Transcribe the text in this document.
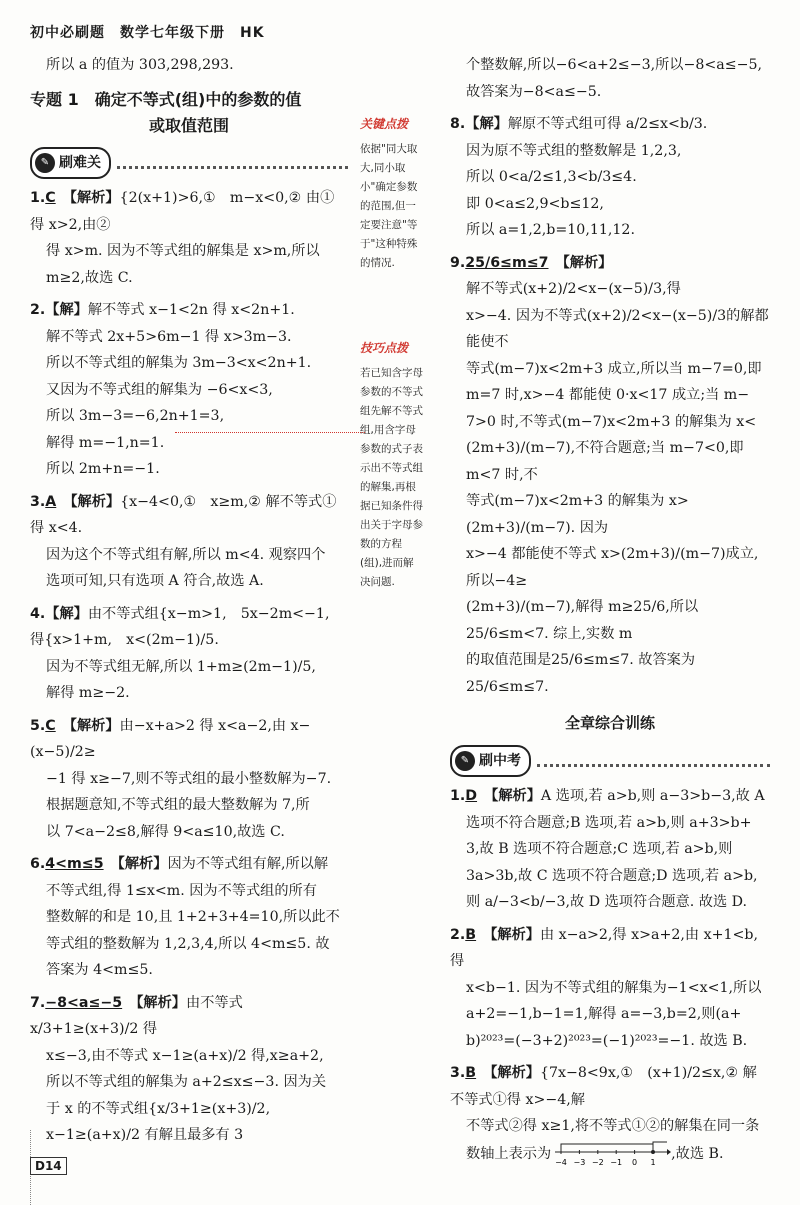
初中必刷题　数学七年级下册　HK
所以 a 的值为 303,298,293.
专题 1　确定不等式(组)中的参数的值
或取值范围
✎ 刷难关
1.C　 【解析】{2(x+1)>6,①　m−x<0,② 由①得 x>2,由②
得 x>m. 因为不等式组的解集是 x>m,所以
m≥2,故选 C.
2.【解】解不等式 x−1<2n 得 x<2n+1.
解不等式 2x+5>6m−1 得 x>3m−3.
所以不等式组的解集为 3m−3<x<2n+1.
又因为不等式组的解集为 −6<x<3,
所以 3m−3=−6,2n+1=3,
解得 m=−1,n=1.
所以 2m+n=−1.
3.A　 【解析】{x−4<0,①　x≥m,② 解不等式①得 x<4.
因为这个不等式组有解,所以 m<4. 观察四个
选项可知,只有选项 A 符合,故选 A.
4.【解】由不等式组{x−m>1,　5x−2m<−1, 得{x>1+m,　x<(2m−1)/5.
因为不等式组无解,所以 1+m≥(2m−1)/5,
解得 m≥−2.
5.C　 【解析】由−x+a>2 得 x<a−2,由 x−(x−5)/2≥
−1 得 x≥−7,则不等式组的最小整数解为−7.
根据题意知,不等式组的最大整数解为 7,所
以 7<a−2≤8,解得 9<a≤10,故选 C.
6.4<m≤5　 【解析】因为不等式组有解,所以解
不等式组,得 1≤x<m. 因为不等式组的所有
整数解的和是 10,且 1+2+3+4=10,所以此不
等式组的整数解为 1,2,3,4,所以 4<m≤5. 故
答案为 4<m≤5.
7.−8<a≤−5　 【解析】由不等式 x/3+1≥(x+3)/2 得
x≤−3,由不等式 x−1≥(a+x)/2 得,x≥a+2,
所以不等式组的解集为 a+2≤x≤−3. 因为关
于 x 的不等式组{x/3+1≥(x+3)/2,　x−1≥(a+x)/2 有解且最多有 3
关键点拨
依据"同大取大,同小取小"确定参数的范围,但一定要注意"等于"这种特殊的情况.
技巧点拨
若已知含字母参数的不等式组先解不等式组,用含字母参数的式子表示出不等式组的解集,再根据已知条件得出关于字母参数的方程(组),进而解决问题.
个整数解,所以−6<a+2≤−3,所以−8<a≤−5,
故答案为−8<a≤−5.
8.【解】解原不等式组可得 a/2≤x<b/3.
因为原不等式组的整数解是 1,2,3,
所以 0<a/2≤1,3<b/3≤4.
即 0<a≤2,9<b≤12,
所以 a=1,2,b=10,11,12.
9.25/6≤m≤7　 【解析】
解不等式(x+2)/2<x−(x−5)/3,得
x>−4. 因为不等式(x+2)/2<x−(x−5)/3的解都能使不
等式(m−7)x<2m+3 成立,所以当 m−7=0,即
m=7 时,x>−4 都能使 0·x<17 成立;当 m−
7>0 时,不等式(m−7)x<2m+3 的解集为 x<
(2m+3)/(m−7),不符合题意;当 m−7<0,即 m<7 时,不
等式(m−7)x<2m+3 的解集为 x>(2m+3)/(m−7). 因为
x>−4 都能使不等式 x>(2m+3)/(m−7)成立,所以−4≥
(2m+3)/(m−7),解得 m≥25/6,所以25/6≤m<7. 综上,实数 m
的取值范围是25/6≤m≤7. 故答案为25/6≤m≤7.
全章综合训练
✎ 刷中考
1.D　 【解析】A 选项,若 a>b,则 a−3>b−3,故 A
选项不符合题意;B 选项,若 a>b,则 a+3>b+
3,故 B 选项不符合题意;C 选项,若 a>b,则
3a>3b,故 C 选项不符合题意;D 选项,若 a>b,
则 a/−3<b/−3,故 D 选项符合题意. 故选 D.
2.B　 【解析】由 x−a>2,得 x>a+2,由 x+1<b,得
x<b−1. 因为不等式组的解集为−1<x<1,所以
a+2=−1,b−1=1,解得 a=−3,b=2,则(a+
b)²⁰²³=(−3+2)²⁰²³=(−1)²⁰²³=−1. 故选 B.
3.B　 【解析】{7x−8<9x,①　(x+1)/2≤x,② 解不等式①得 x>−4,解
不等式②得 x≥1,将不等式①②的解集在同一条
数轴上表示为
−4 −3 −2 −1 0 1
,故选 B.
D14
